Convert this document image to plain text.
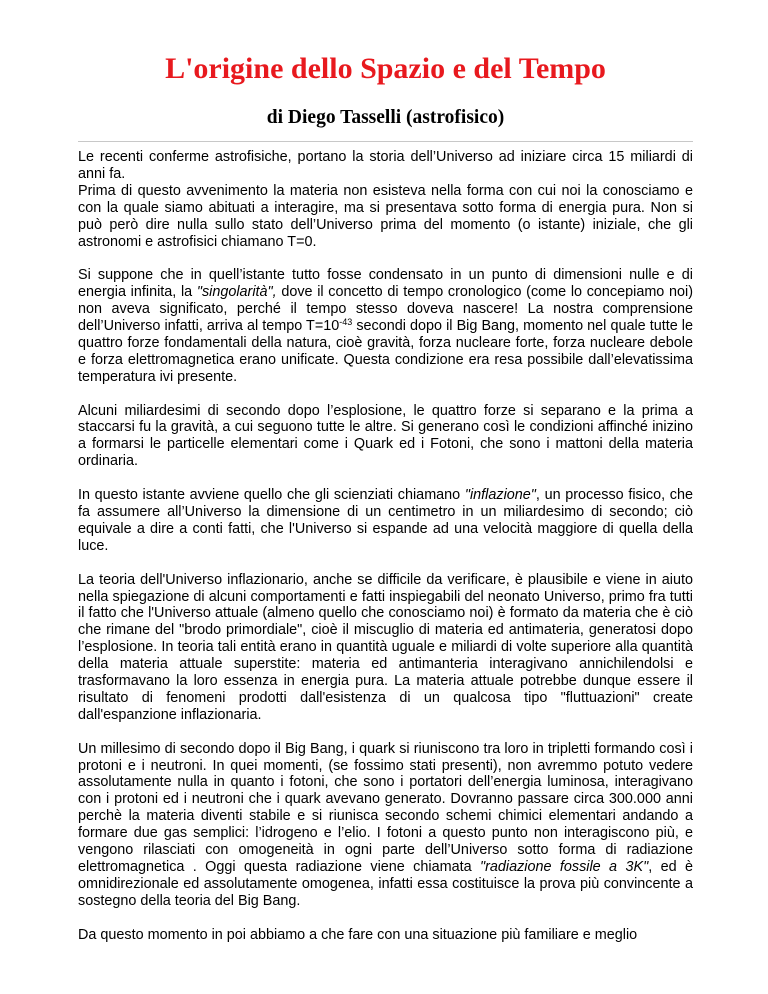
L'origine dello Spazio e del Tempo
di Diego Tasselli (astrofisico)

Le recenti conferme astrofisiche, portano la storia dell’Universo ad iniziare circa 15 miliardi di anni fa.

Prima di questo avvenimento la materia non esisteva nella forma con cui noi la conosciamo e con la quale siamo abituati a interagire, ma si presentava sotto forma di energia pura. Non si può però dire nulla sullo stato dell’Universo prima del momento (o istante) iniziale, che gli astronomi e astrofisici chiamano T=0.

Si suppone che in quell’istante tutto fosse condensato in un punto di dimensioni nulle e di energia infinita, la "singolarità", dove il concetto di tempo cronologico (come lo concepiamo noi) non aveva significato, perché il tempo stesso doveva nascere! La nostra comprensione dell’Universo infatti, arriva al tempo $T=10^{-43}$ secondi dopo il Big Bang, momento nel quale tutte le quattro forze fondamentali della natura, cioè gravità, forza nucleare forte, forza nucleare debole e forza elettromagnetica erano unificate. Questa condizione era resa possibile dall’elevatissima temperatura ivi presente.

Alcuni miliardesimi di secondo dopo l’esplosione, le quattro forze si separano e la prima a staccarsi fu la gravità, a cui seguono tutte le altre. Si generano così le condizioni affinché inizino a formarsi le particelle elementari come i Quark ed i Fotoni, che sono i mattoni della materia ordinaria.

In questo istante avviene quello che gli scienziati chiamano "inflazione", un processo fisico, che fa assumere all’Universo la dimensione di un centimetro in un miliardesimo di secondo; ciò equivale a dire a conti fatti, che l'Universo si espande ad una velocità maggiore di quella della luce.

La teoria dell'Universo inflazionario, anche se difficile da verificare, è plausibile e viene in aiuto nella spiegazione di alcuni comportamenti e fatti inspiegabili del neonato Universo, primo fra tutti il fatto che l'Universo attuale (almeno quello che conosciamo noi) è formato da materia che è ciò che rimane del "brodo primordiale", cioè il miscuglio di materia ed antimateria, generatosi dopo l’esplosione. In teoria tali entità erano in quantità uguale e miliardi di volte superiore alla quantità della materia attuale superstite: materia ed antimanteria interagivano annichilendolsi e trasformavano la loro essenza in energia pura. La materia attuale potrebbe dunque essere il risultato di fenomeni prodotti dall'esistenza di un qualcosa tipo "fluttuazioni" create dall'espanzione inflazionaria.

Un millesimo di secondo dopo il Big Bang, i quark si riuniscono tra loro in tripletti formando così i protoni e i neutroni. In quei momenti, (se fossimo stati presenti), non avremmo potuto vedere assolutamente nulla in quanto i fotoni, che sono i portatori dell’energia luminosa, interagivano con i protoni ed i neutroni che i quark avevano generato. Dovranno passare circa 300.000 anni perchè la materia diventi stabile e si riunisca secondo schemi chimici elementari andando a formare due gas semplici: l’idrogeno e l’elio. I fotoni a questo punto non interagiscono più, e vengono rilasciati con omogeneità in ogni parte dell’Universo sotto forma di radiazione elettromagnetica . Oggi questa radiazione viene chiamata "radiazione fossile a 3K", ed è omnidirezionale ed assolutamente omogenea, infatti essa costituisce la prova più convincente a sostegno della teoria del Big Bang.

Da questo momento in poi abbiamo a che fare con una situazione più familiare e meglio
